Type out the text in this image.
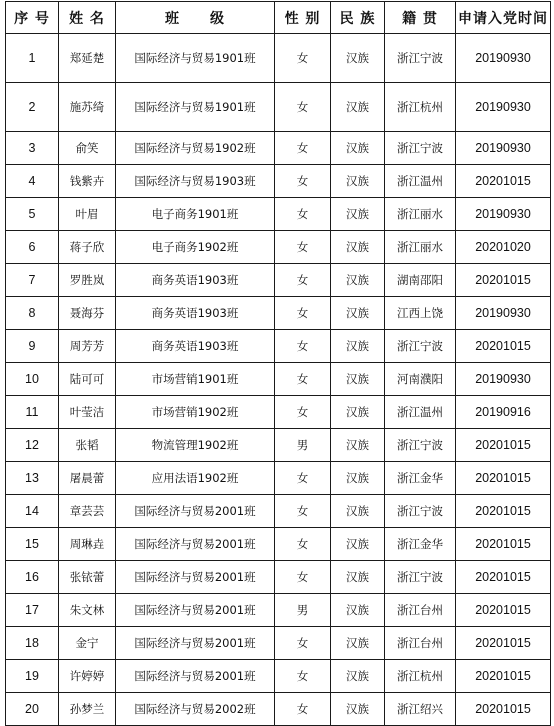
序 号	姓 名	班　　级	性 别	民 族	籍 贯	申请入党时间
1	郑延楚	国际经济与贸易1901班	女	汉族	浙江宁波	20190930
2	施苏绮	国际经济与贸易1901班	女	汉族	浙江杭州	20190930
3	俞笑	国际经济与贸易1902班	女	汉族	浙江宁波	20190930
4	钱紫卉	国际经济与贸易1903班	女	汉族	浙江温州	20201015
5	叶眉	电子商务1901班	女	汉族	浙江丽水	20190930
6	蒋子欣	电子商务1902班	女	汉族	浙江丽水	20201020
7	罗胜岚	商务英语1903班	女	汉族	湖南邵阳	20201015
8	聂海芬	商务英语1903班	女	汉族	江西上饶	20190930
9	周芳芳	商务英语1903班	女	汉族	浙江宁波	20201015
10	陆可可	市场营销1901班	女	汉族	河南濮阳	20190930
11	叶莹洁	市场营销1902班	女	汉族	浙江温州	20190916
12	张韬	物流管理1902班	男	汉族	浙江宁波	20201015
13	屠晨蕾	应用法语1902班	女	汉族	浙江金华	20201015
14	章芸芸	国际经济与贸易2001班	女	汉族	浙江宁波	20201015
15	周琳垚	国际经济与贸易2001班	女	汉族	浙江金华	20201015
16	张铱蕾	国际经济与贸易2001班	女	汉族	浙江宁波	20201015
17	朱文林	国际经济与贸易2001班	男	汉族	浙江台州	20201015
18	金宁	国际经济与贸易2001班	女	汉族	浙江台州	20201015
19	许婷婷	国际经济与贸易2001班	女	汉族	浙江杭州	20201015
20	孙梦兰	国际经济与贸易2002班	女	汉族	浙江绍兴	20201015
